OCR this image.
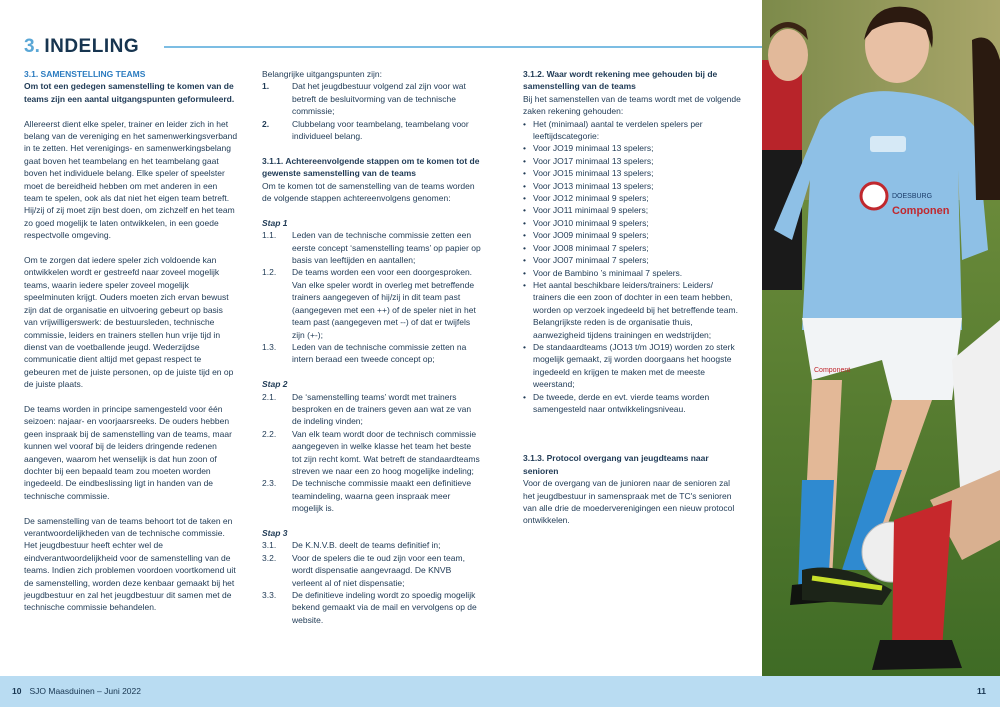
3. INDELING
3.1. SAMENSTELLING TEAMS

Om tot een gedegen samenstelling te komen van de teams zijn een aantal uitgangspunten geformuleerd.

Allereerst dient elke speler, trainer en leider zich in het belang van de vereniging en het samenwerkingsverband in te zetten. Het verenigings- en samenwerkingsbelang gaat boven het teambelang en het teambelang gaat boven het individuele belang. Elke speler of speelster moet de bereidheid hebben om met anderen in een team te spelen, ook als dat niet het eigen team betreft. Hij/zij of zij moet zijn best doen, om zichzelf en het team zo goed mogelijk te laten ontwikkelen, in een goede respectvolle omgeving.

Om te zorgen dat iedere speler zich voldoende kan ontwikkelen wordt er gestreefd naar zoveel mogelijk teams, waarin iedere speler zoveel mogelijk speelminuten krijgt. Ouders moeten zich ervan bewust zijn dat de organisatie en uitvoering gebeurt op basis van vrijwilligerswerk: de bestuursleden, technische commissie, leiders en trainers stellen hun vrije tijd in dienst van de voetballende jeugd. Wederzijdse communicatie dient altijd met gepast respect te gebeuren met de juiste personen, op de juiste tijd en op de juiste plaats.

De teams worden in principe samengesteld voor één seizoen: najaar- en voorjaarsreeks. De ouders hebben geen inspraak bij de samenstelling van de teams, maar kunnen wel vooraf bij de leiders dringende redenen aangeven, waarom het wenselijk is dat hun zoon of dochter bij een bepaald team zou moeten worden ingedeeld. De eindbeslissing ligt in handen van de technische commissie.

De samenstelling van de teams behoort tot de taken en verantwoordelijkheden van de technische commissie. Het jeugdbestuur heeft echter wel de eindverantwoordelijkheid voor de samenstelling van de teams. Indien zich problemen voordoen voortkomend uit de samenstelling, worden deze kenbaar gemaakt bij het jeugdbestuur en zal het jeugdbestuur dit samen met de technische commissie behandelen.

Belangrijke uitgangspunten zijn:
1.	Dat het jeugdbestuur volgend zal zijn voor wat betreft de besluitvorming van de technische commissie;
2.	Clubbelang voor teambelang, teambelang voor individueel belang.
3.1.1. Achtereenvolgende stappen om te komen tot de gewenste samenstelling van de teams

Om te komen tot de samenstelling van de teams worden de volgende stappen achtereenvolgens genomen:

Stap 1
1.1.	Leden van de technische commissie zetten een eerste concept ‘samenstelling teams’ op papier op basis van leeftijden en aantallen;
1.2.	De teams worden een voor een doorgesproken. Van elke speler wordt in overleg met betreffende trainers aangegeven of hij/zij in dit team past (aangegeven met een ++) of de speler niet in het team past (aangegeven met --) of dat er twijfels zijn (+-);
1.3.	Leden van de technische commissie zetten na intern beraad een tweede concept op;
Stap 2
2.1.	De ‘samenstelling teams’ wordt met trainers besproken en de trainers geven aan wat ze van de indeling vinden;
2.2.	Van elk team wordt door de technisch commissie aangegeven in welke klasse het team het beste tot zijn recht komt. Wat betreft de standaardteams streven we naar een zo hoog mogelijke indeling;
2.3.	De technische commissie maakt een definitieve teamindeling, waarna geen inspraak meer mogelijk is.
Stap 3
3.1.	De K.N.V.B. deelt de teams definitief in;
3.2.	Voor de spelers die te oud zijn voor een team, wordt dispensatie aangevraagd. De KNVB verleent al of niet dispensatie;
3.3.	De definitieve indeling wordt zo spoedig mogelijk bekend gemaakt via de mail en vervolgens op de website.
3.1.2. Waar wordt rekening mee gehouden bij de samenstelling van de teams
Bij het samenstellen van de teams wordt met de volgende zaken rekening gehouden:
• Het (minimaal) aantal te verdelen spelers per leeftijdscategorie:
• Voor JO19 minimaal 13 spelers;
• Voor JO17 minimaal 13 spelers;
• Voor JO15 minimaal 13 spelers;
• Voor JO13 minimaal 13 spelers;
• Voor JO12 minimaal 9 spelers;
• Voor JO11 minimaal 9 spelers;
• Voor JO10 minimaal 9 spelers;
• Voor JO09 minimaal 9 spelers;
• Voor JO08 minimaal 7 spelers;
• Voor JO07 minimaal 7 spelers;
• Voor de Bambino ’s minimaal 7 spelers.
• Het aantal beschikbare leiders/trainers: Leiders/ trainers die een zoon of dochter in een team hebben, worden op verzoek ingedeeld bij het betreffende team. Belangrijkste reden is de organisatie thuis, aanwezigheid tijdens trainingen en wedstrijden;
• De standaardteams (JO13 t/m JO19) worden zo sterk mogelijk gemaakt, zij worden doorgaans het hoogste ingedeeld en krijgen te maken met de meeste weerstand;
• De tweede, derde en evt. vierde teams worden samengesteld naar ontwikkelingsniveau.
3.1.3. Protocol overgang van jeugdteams naar senioren

Voor de overgang van de junioren naar de senioren zal het jeugdbestuur in samenspraak met de TC's senioren van alle drie de moederverenigingen een nieuw protocol ontwikkelen.

DOESBURG
Componen
Component
10 SJO Maasduinen – Juni 2022	11
